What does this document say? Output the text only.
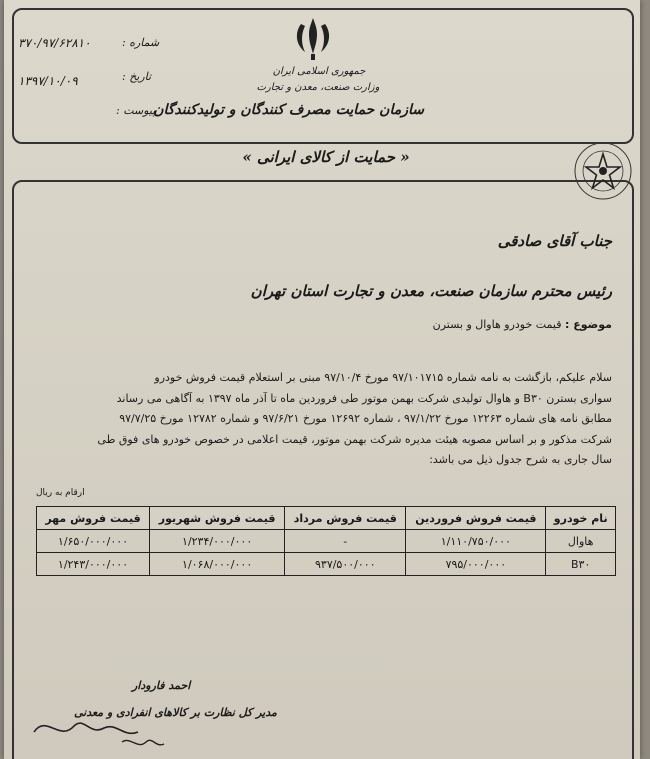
جمهوری اسلامی ایران
وزارت صنعت، معدن و تجارت
سازمان حمایت مصرف کنندگان و تولیدکنندگان
شماره :
۳۷۰/۹۷/۶۲۸۱۰
تاریخ :
۱۳۹۷/۱۰/۰۹
پیوست :
« حمایت از کالای ایرانی »
جناب آقای صادقی
رئیس محترم سازمان صنعت، معدن و تجارت استان تهران
موضوع : قیمت خودرو هاوال و بسترن
سلام علیکم، بازگشت به نامه شماره ۹۷/۱۰۱۷۱۵ مورخ ۹۷/۱۰/۴ مبنی بر استعلام قیمت فروش خودرو
سواری بسترن B۳۰ و هاوال تولیدی شرکت بهمن موتور طی فروردین ماه تا آذر ماه ۱۳۹۷ به آگاهی می رساند
مطابق نامه های شماره ۱۲۲۶۳ مورخ ۹۷/۱/۲۲ ، شماره ۱۲۶۹۲ مورخ ۹۷/۶/۲۱ و شماره ۱۲۷۸۲ مورخ ۹۷/۷/۲۵
شرکت مذکور و بر اساس مصوبه هیئت مدیره شرکت بهمن موتور، قیمت اعلامی در خصوص خودرو های فوق طی
سال جاری به شرح جدول ذیل می باشد:
ارقام به ریال
نام خودرو	قیمت فروش فروردین	قیمت فروش مرداد	قیمت فروش شهریور	قیمت فروش مهر
هاوال	۱/۱۱۰/۷۵۰/۰۰۰	-	۱/۲۳۴/۰۰۰/۰۰۰	۱/۶۵۰/۰۰۰/۰۰۰
B۳۰	۷۹۵/۰۰۰/۰۰۰	۹۳۷/۵۰۰/۰۰۰	۱/۰۶۸/۰۰۰/۰۰۰	۱/۲۴۳/۰۰۰/۰۰۰
احمد فارودار
مدیر کل نظارت بر کالاهای انفرادی و معدنی
